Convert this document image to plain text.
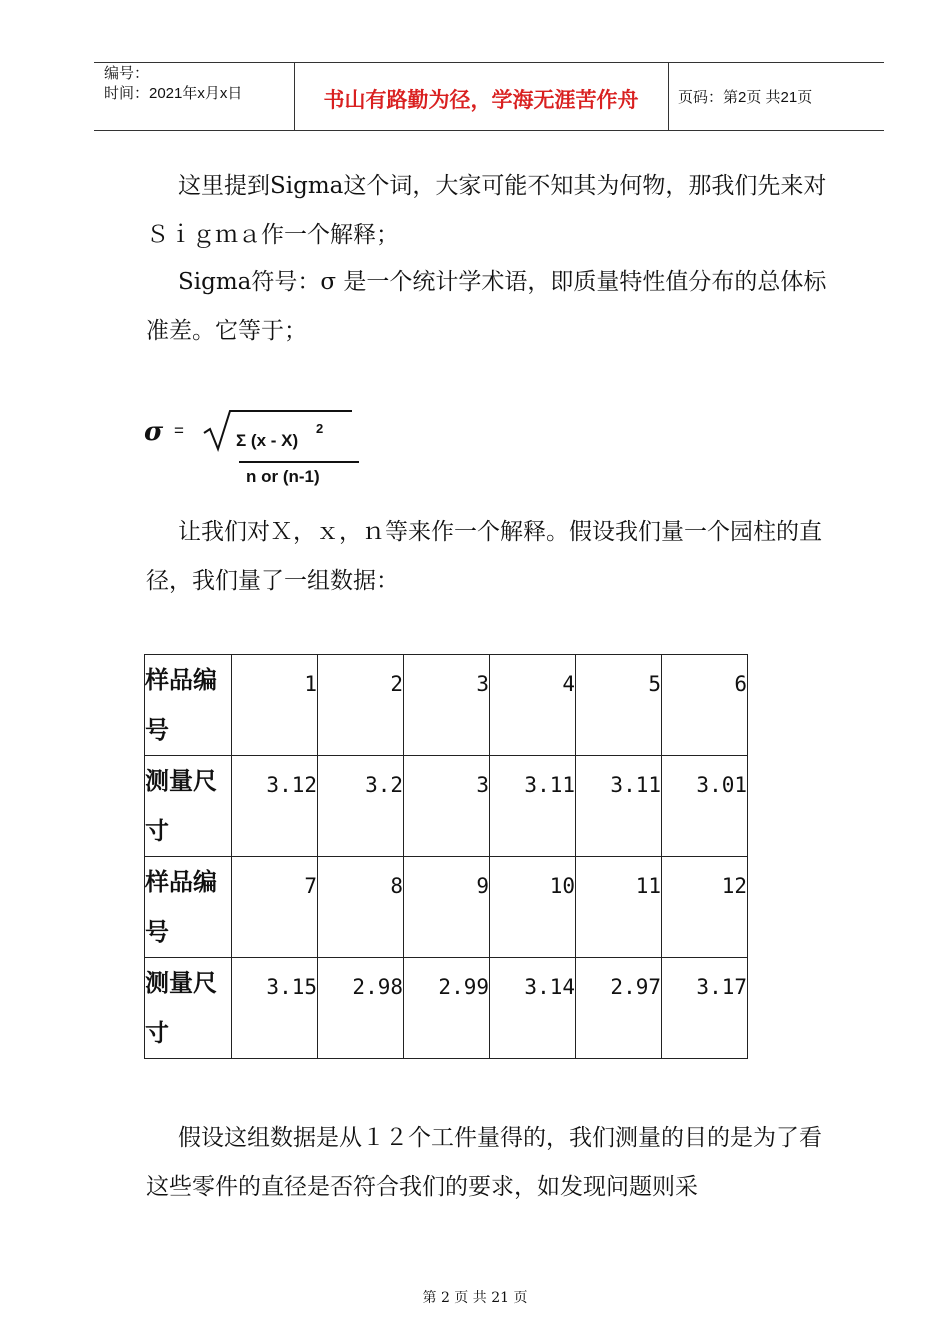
编号：
时间：2021年x月x日	书山有路勤为径，学海无涯苦作舟	页码：第2页 共21页
这里提到Sigma这个词，大家可能不知其为何物，那我们先来对Ｓｉｇｍａ作一个解释；
Sigma符号：σ 是一个统计学术语，即质量特性值分布的总体标准差。它等于；
σ =
Σ (x - X)
2
n or (n-1)
让我们对Ｘ，ｘ，ｎ等来作一个解释。假设我们量一个园柱的直径，我们量了一组数据：
样品编号	1	2	3	4	5	6
测量尺寸	3.12	3.2	3	3.11	3.11	3.01
样品编号	7	8	9	10	11	12
测量尺寸	3.15	2.98	2.99	3.14	2.97	3.17
假设这组数据是从１２个工件量得的，我们测量的目的是为了看这些零件的直径是否符合我们的要求，如发现问题则采
第 2 页 共 21 页
